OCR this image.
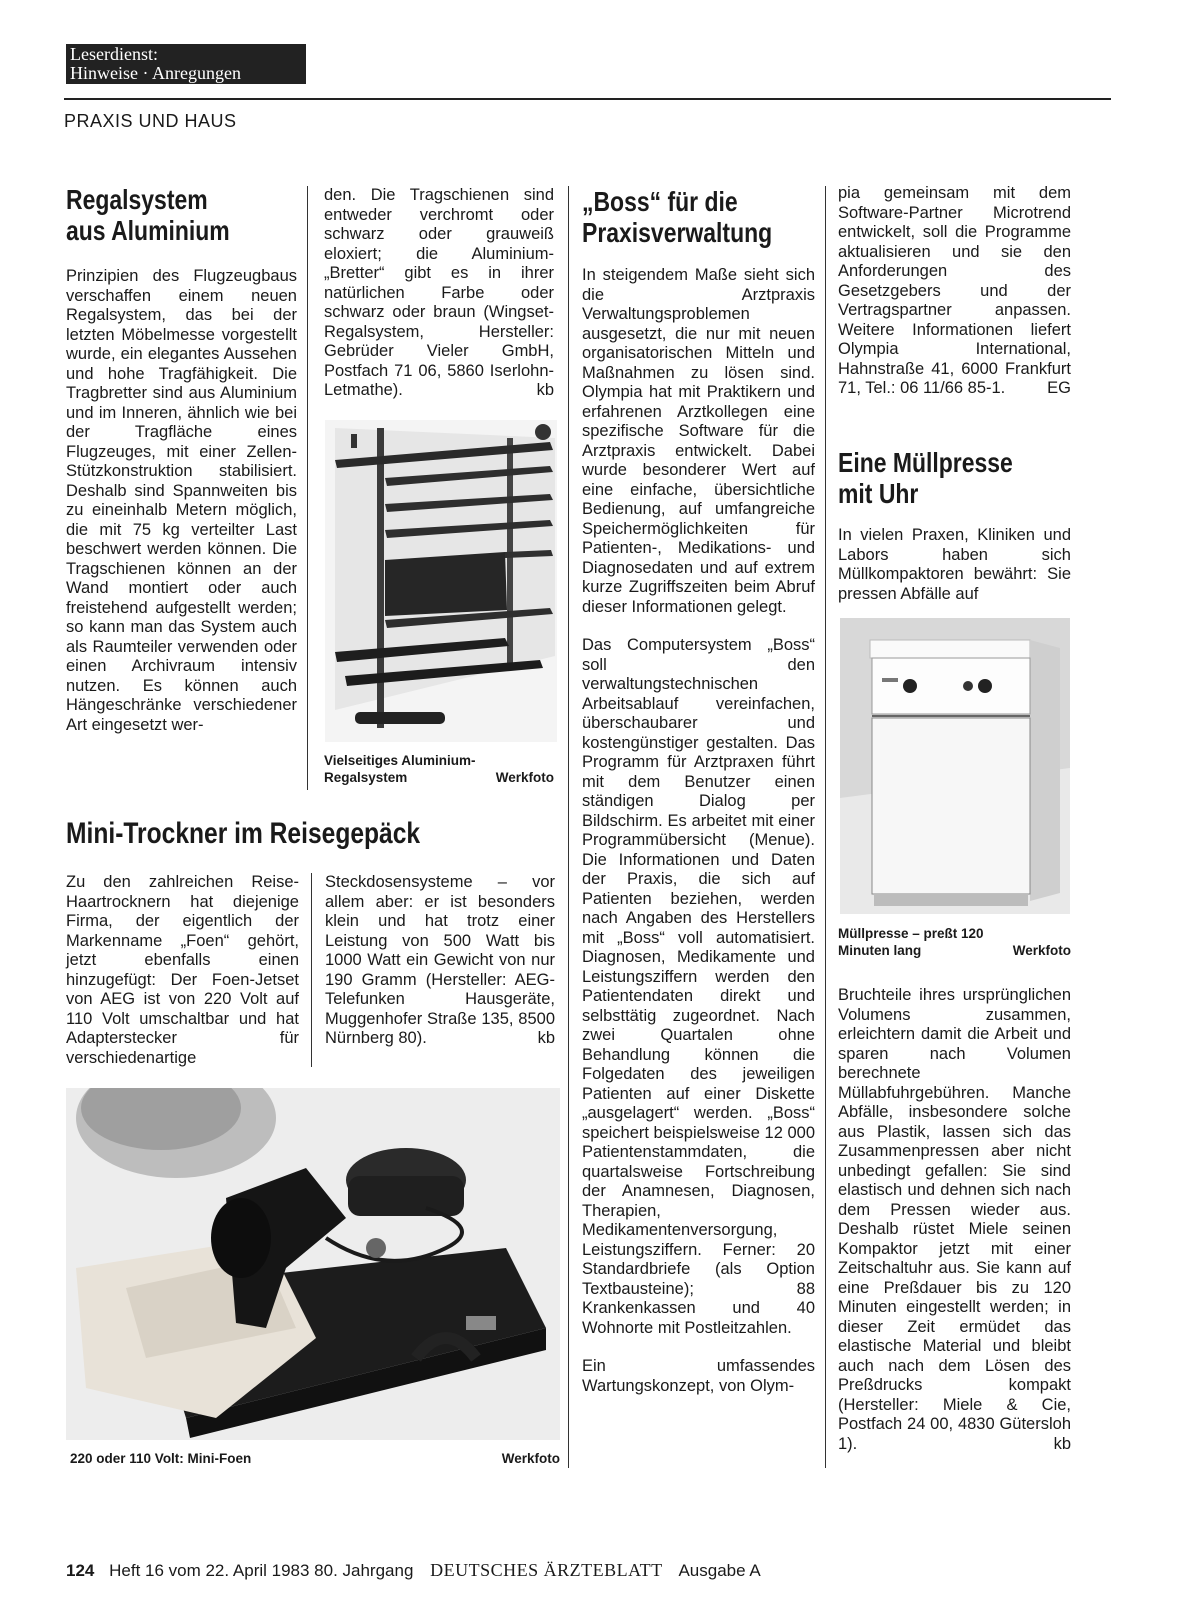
Leserdienst:
Hinweise · Anregungen
PRAXIS UND HAUS
Regalsystem
aus Aluminium
Prinzipien des Flugzeugbaus verschaffen einem neuen Regalsystem, das bei der letzten Möbelmesse vorgestellt wurde, ein elegantes Aussehen und hohe Tragfähigkeit. Die Tragbretter sind aus Aluminium und im Inneren, ähnlich wie bei der Tragfläche eines Flugzeuges, mit einer Zellen-Stützkonstruktion stabilisiert. Deshalb sind Spannweiten bis zu eineinhalb Metern möglich, die mit 75 kg verteilter Last beschwert werden können. Die Tragschienen können an der Wand montiert oder auch freistehend aufgestellt werden; so kann man das System auch als Raumteiler verwenden oder einen Archivraum intensiv nutzen. Es können auch Hängeschränke verschiedener Art eingesetzt wer-
den. Die Tragschienen sind entweder verchromt oder schwarz oder grauweiß eloxiert; die Aluminium-„Bretter“ gibt es in ihrer natürlichen Farbe oder schwarz oder braun (Wingset-Regalsystem, Hersteller: Gebrüder Vieler GmbH, Postfach 71 06, 5860 Iserlohn-Letmathe).	kb
Vielseitiges Aluminium-Regalsystem	Werkfoto
Mini-Trockner im Reisegepäck
Zu den zahlreichen Reise-Haartrocknern hat diejenige Firma, der eigentlich der Markenname „Foen“ gehört, jetzt ebenfalls einen hinzugefügt: Der Foen-Jetset von AEG ist von 220 Volt auf 110 Volt umschaltbar und hat Adapterstecker für verschiedenartige
Steckdosensysteme – vor allem aber: er ist besonders klein und hat trotz einer Leistung von 500 Watt bis 1000 Watt ein Gewicht von nur 190 Gramm (Hersteller: AEG-Telefunken Hausgeräte, Muggenhofer Straße 135, 8500 Nürnberg 80).	kb
220 oder 110 Volt: Mini-Foen	Werkfoto
„Boss“ für die
Praxisverwaltung

In steigendem Maße sieht sich die Arztpraxis Verwaltungsproblemen ausgesetzt, die nur mit neuen organisatorischen Mitteln und Maßnahmen zu lösen sind. Olympia hat mit Praktikern und erfahrenen Arztkollegen eine spezifische Software für die Arztpraxis entwickelt. Dabei wurde besonderer Wert auf eine einfache, übersichtliche Bedienung, auf umfangreiche Speichermöglichkeiten für Patienten-, Medikations- und Diagnosedaten und auf extrem kurze Zugriffszeiten beim Abruf dieser Informationen gelegt.

Das Computersystem „Boss“ soll den verwaltungstechnischen Arbeitsablauf vereinfachen, überschaubarer und kostengünstiger gestalten. Das Programm für Arztpraxen führt mit dem Benutzer einen ständigen Dialog per Bildschirm. Es arbeitet mit einer Programmübersicht (Menue). Die Informationen und Daten der Praxis, die sich auf Patienten beziehen, werden nach Angaben des Herstellers mit „Boss“ voll automatisiert. Diagnosen, Medikamente und Leistungsziffern werden den Patientendaten direkt und selbsttätig zugeordnet. Nach zwei Quartalen ohne Behandlung können die Folgedaten des jeweiligen Patienten auf einer Diskette „ausgelagert“ werden. „Boss“ speichert beispielsweise 12 000 Patientenstammdaten, die quartalsweise Fortschreibung der Anamnesen, Diagnosen, Therapien, Medikamentenversorgung, Leistungsziffern. Ferner: 20 Standardbriefe (als Option Textbausteine); 88 Krankenkassen und 40 Wohnorte mit Postleitzahlen.

Ein umfassendes Wartungskonzept, von Olym-

pia gemeinsam mit dem Software-Partner Microtrend entwickelt, soll die Programme aktualisieren und sie den Anforderungen des Gesetzgebers und der Vertragspartner anpassen. Weitere Informationen liefert Olympia International, Hahnstraße 41, 6000 Frankfurt 71, Tel.: 06 11/66 85-1.	EG
Eine Müllpresse
mit Uhr
In vielen Praxen, Kliniken und Labors haben sich Müllkompaktoren bewährt: Sie pressen Abfälle auf
Müllpresse – preßt 120 Minuten lang	Werkfoto
Bruchteile ihres ursprünglichen Volumens zusammen, erleichtern damit die Arbeit und sparen nach Volumen berechnete Müllabfuhrgebühren. Manche Abfälle, insbesondere solche aus Plastik, lassen sich das Zusammenpressen aber nicht unbedingt gefallen: Sie sind elastisch und dehnen sich nach dem Pressen wieder aus. Deshalb rüstet Miele seinen Kompaktor jetzt mit einer Zeitschaltuhr aus. Sie kann auf eine Preßdauer bis zu 120 Minuten eingestellt werden; in dieser Zeit ermüdet das elastische Material und bleibt auch nach dem Lösen des Preßdrucks kompakt (Hersteller: Miele & Cie, Postfach 24 00, 4830 Gütersloh 1).	kb
124 Heft 16 vom 22. April 1983 80. Jahrgang DEUTSCHES ÄRZTEBLATT Ausgabe A
